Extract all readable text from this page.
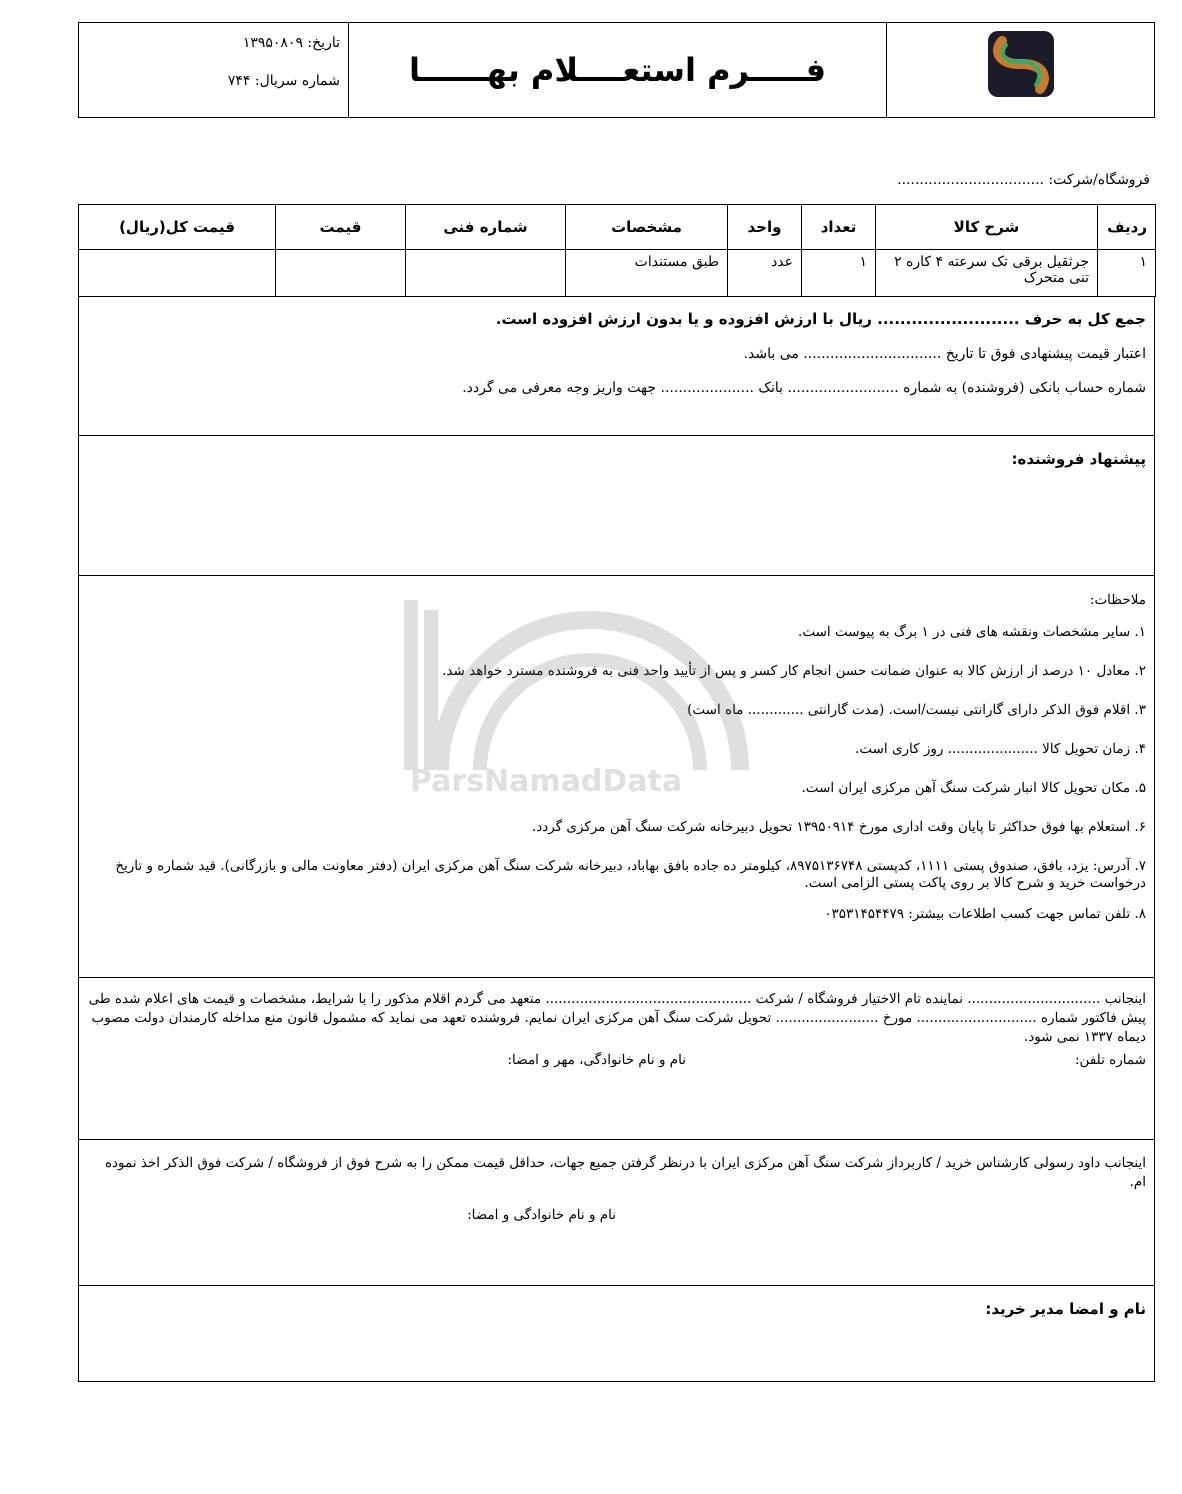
تاریخ: ۱۳۹۵۰۸۰۹
شماره سریال: ۷۴۴ فـــــرم استعــــلام بهــــــا
فروشگاه/شرکت: .................................
ردیف	شرح کالا	تعداد	واحد	مشخصات	شماره فنی	قیمت	قیمت کل(ریال)
۱	جرثقیل برقی تک سرعته ۴ کاره ۲ تنی متحرک	۱	عدد	طبق مستندات			
جمع کل به حرف ......................... ریال با ارزش افزوده و یا بدون ارزش افزوده است.
اعتبار قیمت پیشنهادی فوق تا تاریخ ............................... می باشد.
شماره حساب بانکی (فروشنده) به شماره ......................... بانک ..................... جهت واریز وجه معرفی می گردد.
پیشنهاد فروشنده:
ملاحظات:
۱. سایر مشخصات ونقشه های فنی در ۱ برگ به پیوست است.
۲. معادل ۱۰ درصد از ارزش کالا به عنوان ضمانت حسن انجام کار کسر و پس از تأیید واحد فنی به فروشنده مسترد خواهد شد.
۳. اقلام فوق الذکر دارای گارانتی نیست/است. (مدت گارانتی ............. ماه است)
۴. زمان تحویل کالا ..................... روز کاری است.
۵. مکان تحویل کالا انبار شرکت سنگ آهن مرکزی ایران است.
۶. استعلام بها فوق حداکثر تا پایان وقت اداری مورخ ۱۳۹۵۰۹۱۴ تحویل دبیرخانه شرکت سنگ آهن مرکزی گردد.
۷. آدرس: یزد، بافق، صندوق پستی ۱۱۱۱، کدپستی ۸۹۷۵۱۳۶۷۴۸، کیلومتر ده جاده بافق بهاباد، دبیرخانه شرکت سنگ آهن مرکزی ایران (دفتر معاونت مالی و بازرگانی). قید شماره و تاریخ درخواست خرید و شرح کالا بر روی پاکت پستی الزامی است.
۸. تلفن تماس جهت کسب اطلاعات بیشتر: ۰۳۵۳۱۴۵۴۴۷۹
اینجانب ............................... نماینده تام الاختیار فروشگاه / شرکت ................................................ متعهد می گردم اقلام مذکور را با شرایط، مشخصات و قیمت های اعلام شده طی پیش فاکتور شماره ............................ مورخ ........................ تحویل شرکت سنگ آهن مرکزی ایران نمایم. فروشنده تعهد می نماید که مشمول قانون منع مداخله کارمندان دولت مصوب دیماه ۱۳۳۷ نمی شود.
شماره تلفن:
نام و نام خانوادگی، مهر و امضا:
اینجانب داود رسولی کارشناس خرید / کاربرداز شرکت سنگ آهن مرکزی ایران با درنظر گرفتن جمیع جهات، حداقل قیمت ممکن را به شرح فوق از فروشگاه / شرکت فوق الذکر اخذ نموده ام.
نام و نام خانوادگی و امضا:
نام و امضا مدیر خرید:
ParsNamadData
